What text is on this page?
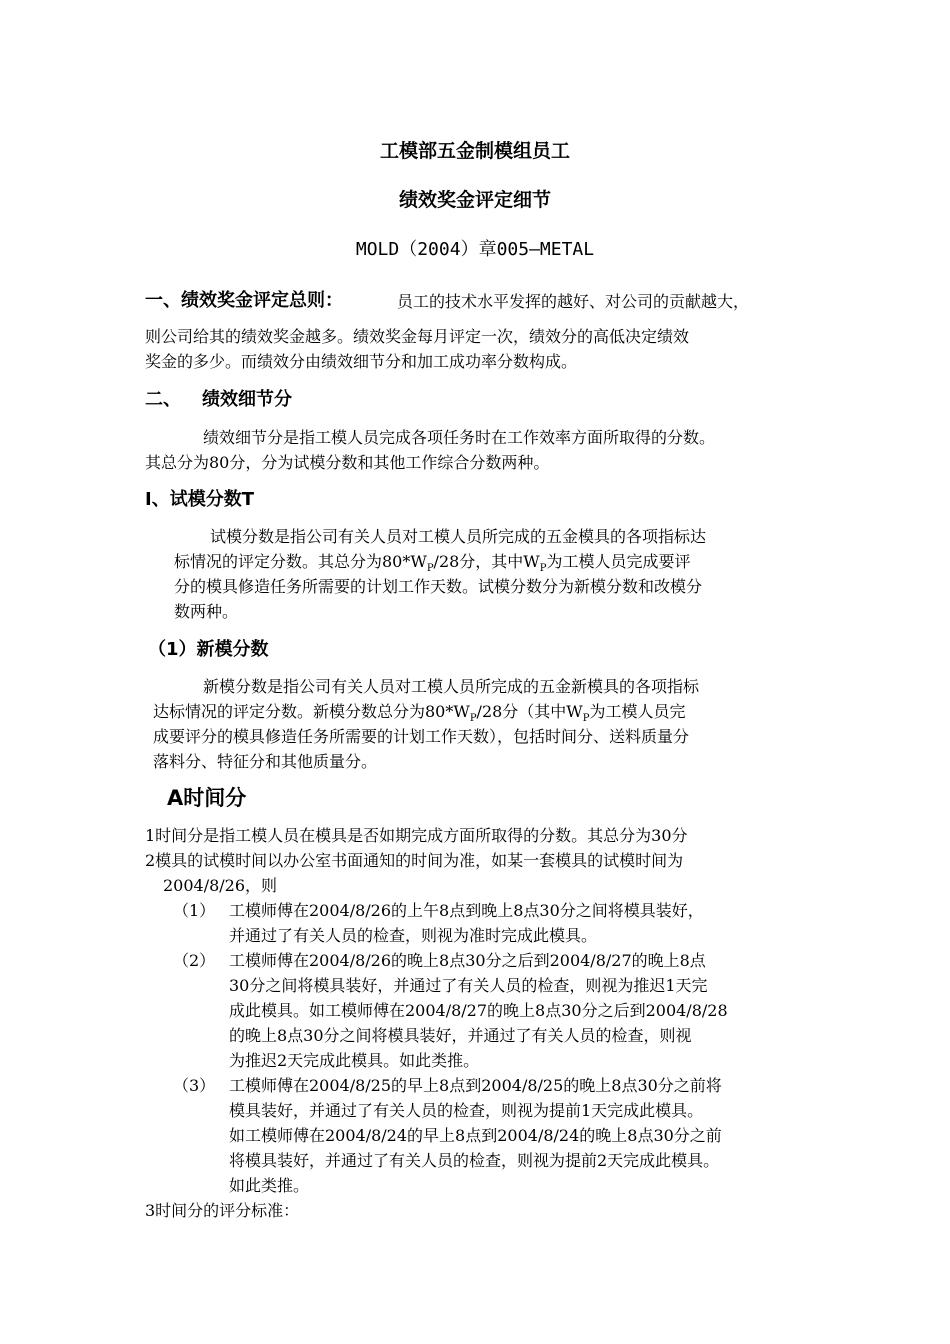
工模部五金制模组员工
绩效奖金评定细节
MOLD（2004）章005—METAL
一、绩效奖金评定总则：	员工的技术水平发挥的越好、对公司的贡献越大，
则公司给其的绩效奖金越多。绩效奖金每月评定一次，绩效分的高低决定绩效
奖金的多少。而绩效分由绩效细节分和加工成功率分数构成。
二、 绩效细节分
绩效细节分是指工模人员完成各项任务时在工作效率方面所取得的分数。
其总分为80分，分为试模分数和其他工作综合分数两种。
I、试模分数T
试模分数是指公司有关人员对工模人员所完成的五金模具的各项指标达
标情况的评定分数。其总分为$80*W_P/28$分，其中$W_P$为工模人员完成要评
分的模具修造任务所需要的计划工作天数。试模分数分为新模分数和改模分
数两种。
（1）新模分数
新模分数是指公司有关人员对工模人员所完成的五金新模具的各项指标
达标情况的评定分数。新模分数总分为$80*W_P/28$分（其中$W_P$为工模人员完
成要评分的模具修造任务所需要的计划工作天数），包括时间分、送料质量分
落料分、特征分和其他质量分。
A时间分
1时间分是指工模人员在模具是否如期完成方面所取得的分数。其总分为30分
2模具的试模时间以办公室书面通知的时间为准，如某一套模具的试模时间为
2004/8/26，则
（1） 工模师傅在2004/8/26的上午8点到晚上8点30分之间将模具装好，
并通过了有关人员的检查，则视为准时完成此模具。
（2） 工模师傅在2004/8/26的晚上8点30分之后到2004/8/27的晚上8点
30分之间将模具装好，并通过了有关人员的检查，则视为推迟1天完
成此模具。如工模师傅在2004/8/27的晚上8点30分之后到2004/8/28
的晚上8点30分之间将模具装好，并通过了有关人员的检查，则视
为推迟2天完成此模具。如此类推。
（3） 工模师傅在2004/8/25的早上8点到2004/8/25的晚上8点30分之前将
模具装好，并通过了有关人员的检查，则视为提前1天完成此模具。
如工模师傅在2004/8/24的早上8点到2004/8/24的晚上8点30分之前
将模具装好，并通过了有关人员的检查，则视为提前2天完成此模具。
如此类推。
3时间分的评分标准：
